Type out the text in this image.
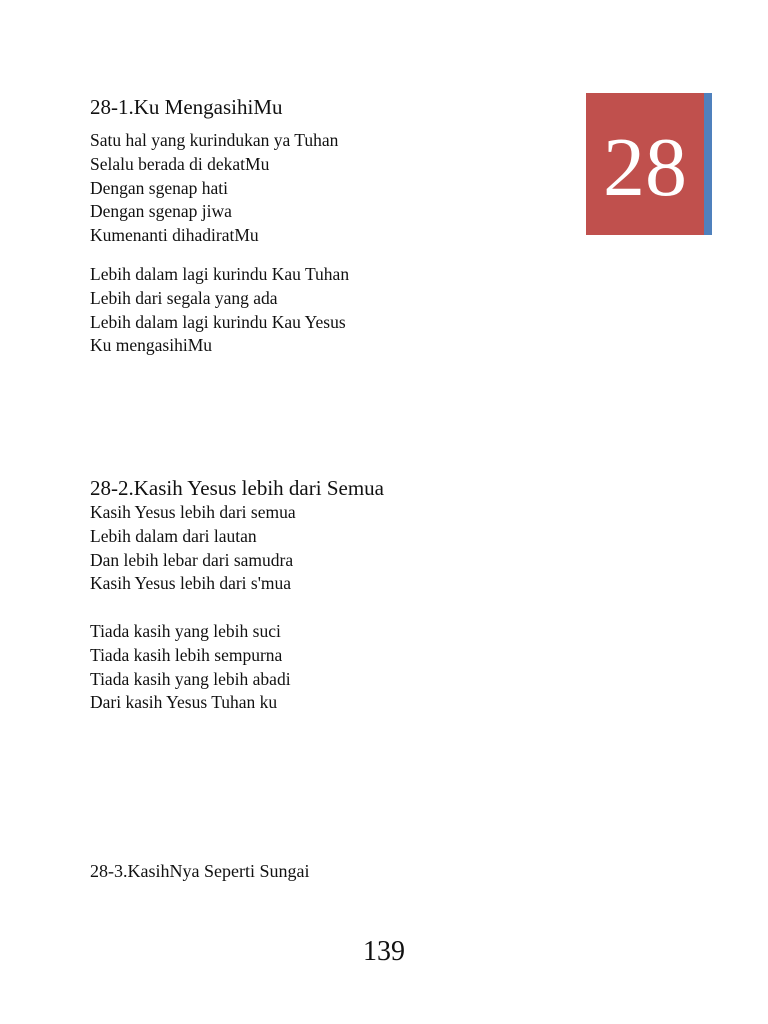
28
28-1.Ku MengasihiMu
Satu hal yang kurindukan ya Tuhan
Selalu berada di dekatMu
Dengan sgenap hati
Dengan sgenap jiwa
Kumenanti dihadiratMu
Lebih dalam lagi kurindu Kau Tuhan
Lebih dari segala yang ada
Lebih dalam lagi kurindu Kau Yesus
Ku mengasihiMu
28-2.Kasih Yesus lebih dari Semua
Kasih Yesus lebih dari semua
Lebih dalam dari lautan
Dan lebih lebar dari samudra
Kasih Yesus lebih dari s'mua
Tiada kasih yang lebih suci
Tiada kasih lebih sempurna
Tiada kasih yang lebih abadi
Dari kasih Yesus Tuhan ku
28-3.KasihNya Seperti Sungai
139
